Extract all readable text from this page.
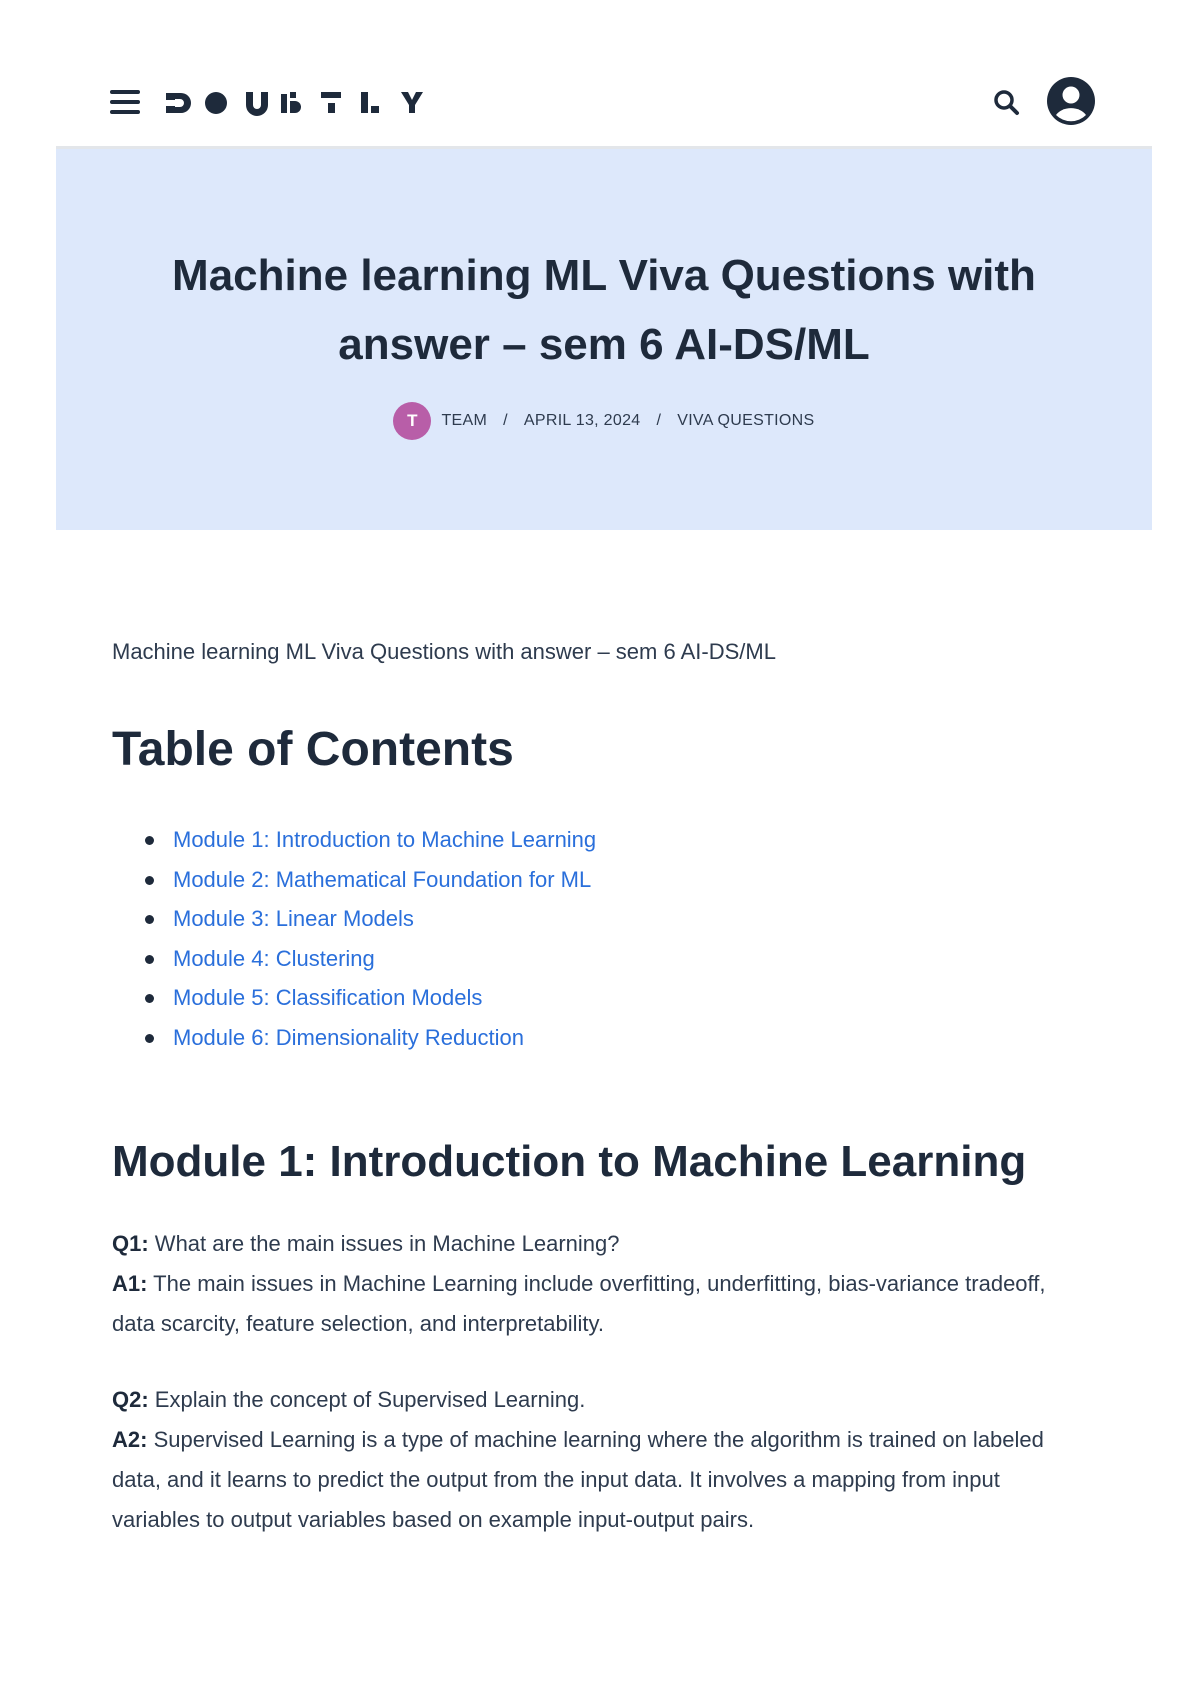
Machine learning ML Viva Questions with
answer – sem 6 AI-DS/ML
T	TEAM / APRIL 13, 2024 / VIVA QUESTIONS

Machine learning ML Viva Questions with answer – sem 6 AI-DS/ML

Table of Contents
Module 1: Introduction to Machine Learning
Module 2: Mathematical Foundation for ML
Module 3: Linear Models
Module 4: Clustering
Module 5: Classification Models
Module 6: Dimensionality Reduction
Module 1: Introduction to Machine Learning

Q1: What are the main issues in Machine Learning?
A1: The main issues in Machine Learning include overfitting, underfitting, bias-variance tradeoff, data scarcity, feature selection, and interpretability.

Q2: Explain the concept of Supervised Learning.
A2: Supervised Learning is a type of machine learning where the algorithm is trained on labeled data, and it learns to predict the output from the input data. It involves a mapping from input variables to output variables based on example input-output pairs.
